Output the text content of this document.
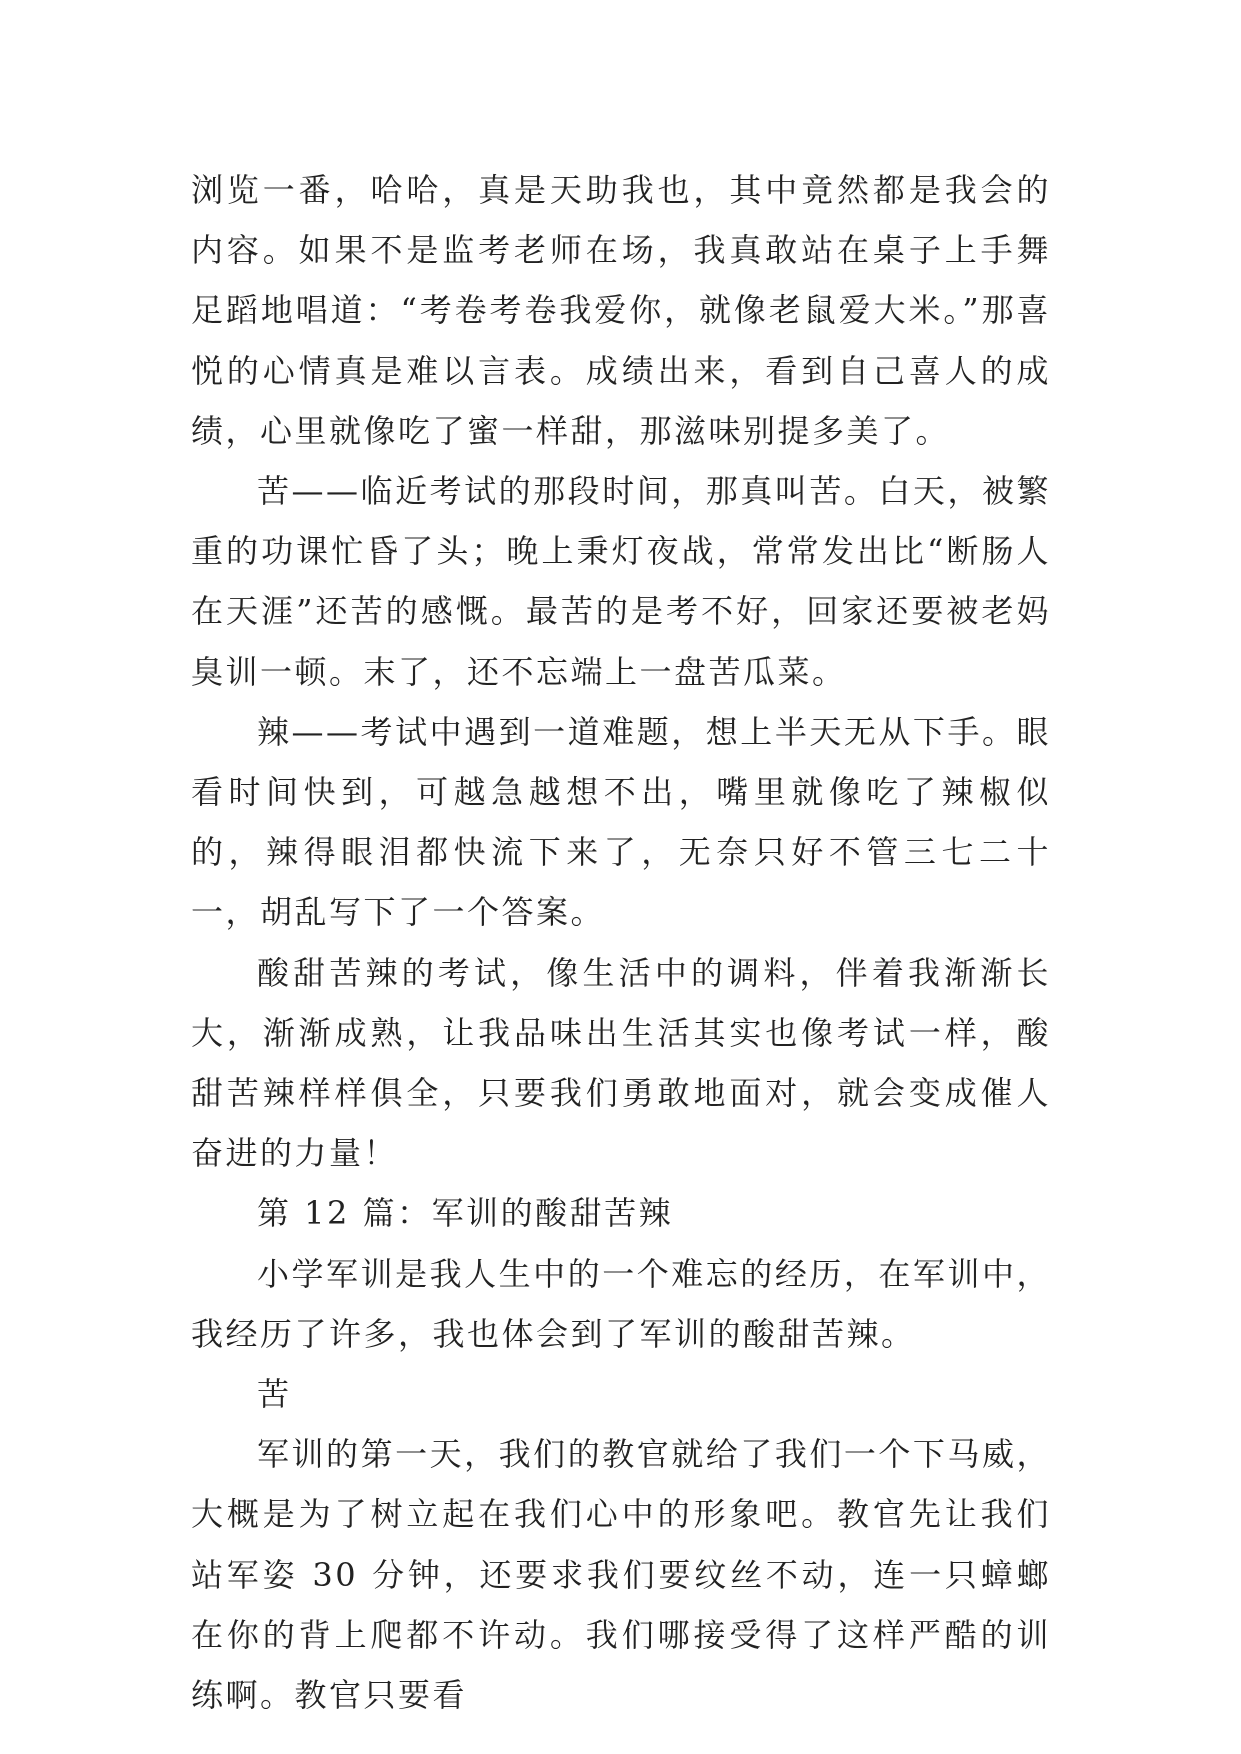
浏览一番，哈哈，真是天助我也，其中竟然都是我会的内容。如果不是监考老师在场，我真敢站在桌子上手舞足蹈地唱道：“考卷考卷我爱你，就像老鼠爱大米。”那喜悦的心情真是难以言表。成绩出来，看到自己喜人的成绩，心里就像吃了蜜一样甜，那滋味别提多美了。

苦——临近考试的那段时间，那真叫苦。白天，被繁重的功课忙昏了头；晚上秉灯夜战，常常发出比“断肠人在天涯”还苦的感慨。最苦的是考不好，回家还要被老妈臭训一顿。末了，还不忘端上一盘苦瓜菜。

辣——考试中遇到一道难题，想上半天无从下手。眼看时间快到，可越急越想不出，嘴里就像吃了辣椒似的，辣得眼泪都快流下来了，无奈只好不管三七二十一，胡乱写下了一个答案。

酸甜苦辣的考试，像生活中的调料，伴着我渐渐长大，渐渐成熟，让我品味出生活其实也像考试一样，酸甜苦辣样样俱全，只要我们勇敢地面对，就会变成催人奋进的力量！

第 12 篇：军训的酸甜苦辣

小学军训是我人生中的一个难忘的经历，在军训中，我经历了许多，我也体会到了军训的酸甜苦辣。

苦

军训的第一天，我们的教官就给了我们一个下马威，大概是为了树立起在我们心中的形象吧。教官先让我们站军姿 30 分钟，还要求我们要纹丝不动，连一只蟑螂在你的背上爬都不许动。我们哪接受得了这样严酷的训练啊。教官只要看
